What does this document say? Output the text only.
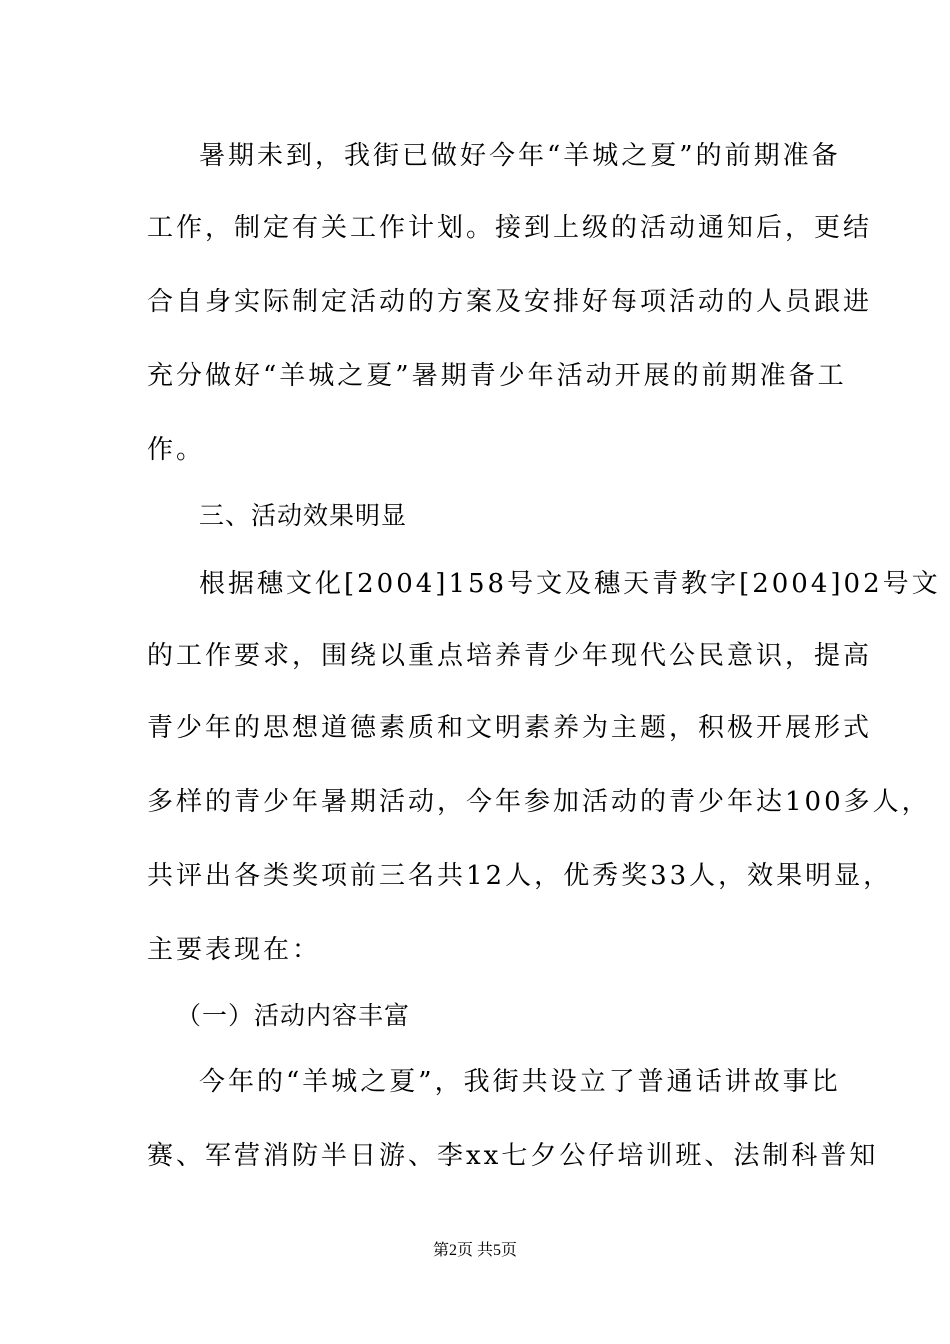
暑期未到，我街已做好今年“羊城之夏”的前期准备
工作，制定有关工作计划。接到上级的活动通知后，更结
合自身实际制定活动的方案及安排好每项活动的人员跟进
充分做好“羊城之夏”暑期青少年活动开展的前期准备工
作。
三、活动效果明显
根据穗文化[2004]158号文及穗天青教字[2004]02号文
的工作要求，围绕以重点培养青少年现代公民意识，提高
青少年的思想道德素质和文明素养为主题，积极开展形式
多样的青少年暑期活动，今年参加活动的青少年达100多人，
共评出各类奖项前三名共12人，优秀奖33人，效果明显，
主要表现在：
（一）活动内容丰富
今年的“羊城之夏”，我街共设立了普通话讲故事比
赛、军营消防半日游、李xx七夕公仔培训班、法制科普知
第2页 共5页
